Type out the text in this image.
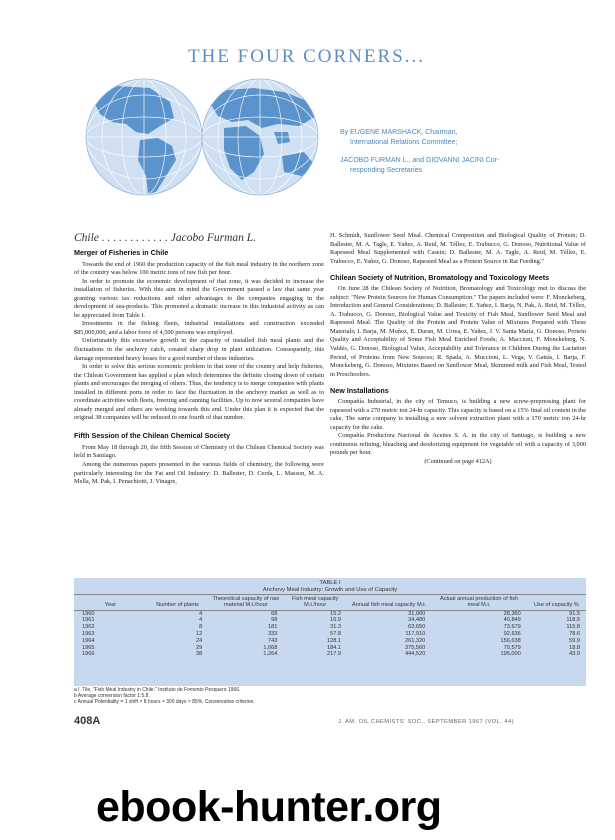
THE FOUR CORNERS...
By EUGENE MARSHACK, Chairman,
International Relations Committee;
JACOBO FURMAN L., and GIOVANNI JACINI Cor-
responding Secretaries
Chile . . . . . . . . . . . . Jacobo Furman L.
Merger of Fisheries in Chile

Towards the end of 1960 the production capacity of the fish meal industry in the northern zone of the country was below 100 metric tons of raw fish per hour.

In order to promote the economic development of that zone, it was decided to increase the installation of fisheries. With this aim in mind the Government passed a law that same year granting various tax reductions and other advantages to the companies engaging in the development of sea-products. This promoted a dramatic increase in this industrial activity as can be appreciated from Table I.

Investments in the fishing fleets, industrial installations and construction exceeded $85,000,000, and a labor force of 4,500 persons was employed.

Unfortunately this excessive growth in the capacity of installed fish meal plants and the fluctuations in the anchovy catch, created sharp drop in plant utilization. Consequently, this damage represented heavy losses for a good number of these industries.

In order to solve this serious economic problem in that zone of the country and help fisheries, the Chilean Government has applied a plan which determines the definite closing down of certain plants and encourages the merging of others. Thus, the tendency is to merge companies with plants installed in different ports in order to face the fluctuation in the anchovy market as well as to coordinate activities with fleets, freezing and canning facilities. Up to now several companies have already merged and others are working towards this end. Under this plan it is expected that the original 38 companies will be reduced to one fourth of that number.

Fifth Session of the Chilean Chemical Society

From May 18 through 20, the fifth Session of Chemistry of the Chilean Chemical Society was held in Santiago.

Among the numerous papers presented in the various fields of chemistry, the following were particularly interesting for the Fat and Oil Industry: D. Ballester, D. Cerda, L. Masson, M. A. Mella, M. Pak, I. Penachiotti, J. Vinagre,

H. Schmidt, Sunflower Seed Meal. Chemical Composition and Biological Quality of Protein; D. Ballester, M. A. Tagle, E. Yañez, A. Reid, M. Téllez, E. Trabucco, G. Donoso, Nutritional Value of Rapeseed Meal Supplemented with Casein; D. Ballester, M. A. Tagle, A. Reid, M. Téllez, E. Trabucco, E. Yañez, G. Donoso, Rapeseed Meal as a Protein Source in Rat Feeding."

Chilean Society of Nutrition, Bromatology and Toxicology Meets

On June 28 the Chilean Society of Nutrition, Bromatology and Toxicology met to discuss the subject: "New Protein Sources for Human Consumption." The papers included were: F. Monckeberg, Introduction and General Considerations; D. Ballester, E. Yañez, I. Barja, N. Pak, A. Reid, M. Téllez, A. Trabucco, G. Donoso, Biological Value and Toxicity of Fish Meal, Sunflower Seed Meal and Rapeseed Meal. The Quality of the Protein and Protein Value of Mixtures Prepared with These Materials; I. Barja, M. Muñoz, E. Duran, M. Urrea, E. Yañez, J. V. Santa María, G. Donoso, Protein Quality and Acceptability of Some Fish Meal Enriched Foods; A. Maccioni, F. Monckeberg, N. Valdés, G. Donoso, Biological Value, Acceptability and Tolerance in Children During the Lactation Period, of Proteins from New Sources; R. Spada, A. Muccioni, L. Vega, V. Gattás, I. Barja, F. Monckeberg, G. Donoso, Mixtures Based on Sunflower Meal, Skimmed milk and Fish Meal, Tested in Preschoolers.

New Installations

Compañía Industrial, in the city of Temuco, is building a new screw-prepressing plant for rapeseed with a 270 metric ton 24-hr capacity. This capacity is based on a 15% final oil content in the cake. The same company is installing a new solvent extraction plant with a 170 metric ton 24-hr capacity for the cake.

Compañía Productora Nacional de Aceites S. A. in the city of Santiago, is building a new continuous refining, bleaching and deodorizing equipment for vegetable oil with a capacity of 3,000 pounds per hour.

(Continued on page 412A)
TABLE I
Anchovy Meal Industry: Growth and Use of Capacity
Year	Number of plants	Theoretical capacity of raw material M.t./hour	Fish meal capacity M.t./hour	Annual fish meal capacity M.t.	Actual annual production of fish meal M.t.	Use of capacity %
1960	4	68	15.2	31,000	28,360	91.5
1961	4	98	16.9	34,480	40,849	118.5
1962	8	181	31.3	63,650	73,679	115.8
1963	12	333	57.8	117,910	92,636	78.6
1964	24	743	128.1	261,320	156,638	59.9
1965	29	1,068	184.1	375,560	70,579	18.8
1966	38	1,264	217.9	444,520	195,000	43.9
a I. Tile, "Fish Meal Industry in Chile." Instituto de Fomento Pesquero 1966.
b Average conversion factor 1:5.8.
c Annual Potentiality = 1 shift × 8 hours × 300 days × 85%. Conservative criterion.
408A	J. AM. OIL CHEMISTS' SOC., SEPTEMBER 1967 (VOL. 44)
ebook-hunter.org
